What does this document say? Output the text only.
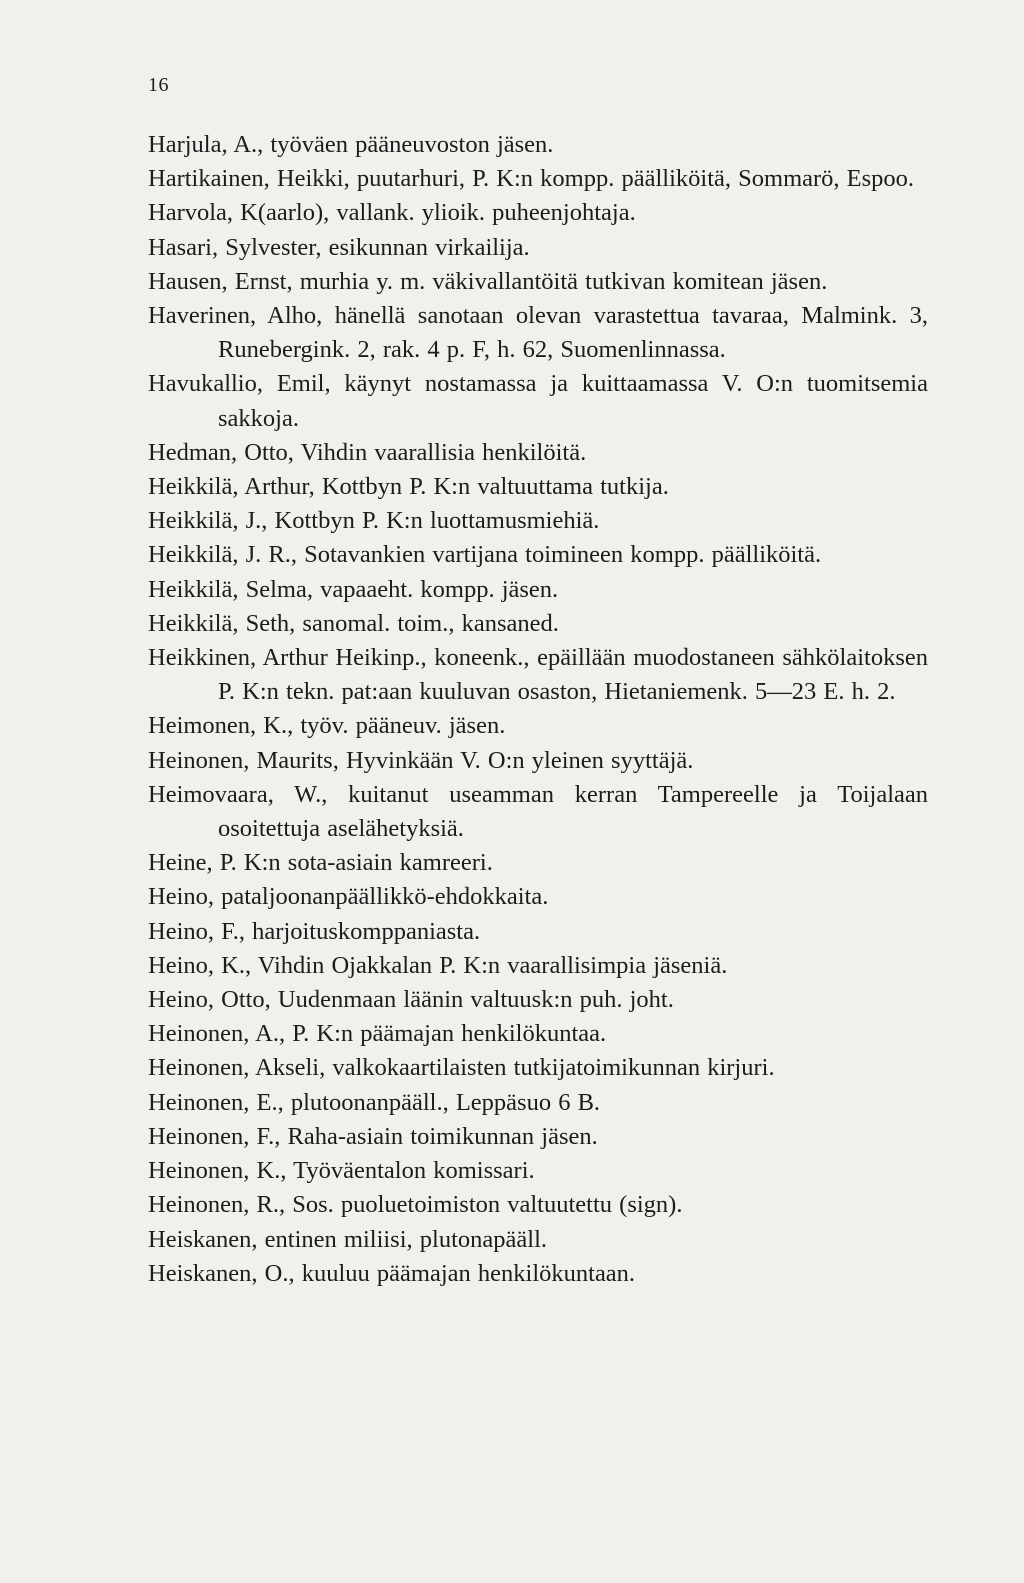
16
Harjula, A., työväen pääneuvoston jäsen.
Hartikainen, Heikki, puutarhuri, P. K:n kompp. päälliköitä, Sommarö, Espoo.
Harvola, K(aarlo), vallank. ylioik. puheenjohtaja.
Hasari, Sylvester, esikunnan virkailija.
Hausen, Ernst, murhia y. m. väkivallantöitä tutkivan komitean jäsen.
Haverinen, Alho, hänellä sanotaan olevan varastettua tavaraa, Malmink. 3, Runebergink. 2, rak. 4 p. F, h. 62, Suomenlinnassa.
Havukallio, Emil, käynyt nostamassa ja kuittaamassa V. O:n tuomitsemia sakkoja.
Hedman, Otto, Vihdin vaarallisia henkilöitä.
Heikkilä, Arthur, Kottbyn P. K:n valtuuttama tutkija.
Heikkilä, J., Kottbyn P. K:n luottamusmiehiä.
Heikkilä, J. R., Sotavankien vartijana toimineen kompp. päälliköitä.
Heikkilä, Selma, vapaaeht. kompp. jäsen.
Heikkilä, Seth, sanomal. toim., kansaned.
Heikkinen, Arthur Heikinp., koneenk., epäillään muodostaneen sähkölaitoksen P. K:n tekn. pat:aan kuuluvan osaston, Hietaniemenk. 5—23 E. h. 2.
Heimonen, K., työv. pääneuv. jäsen.
Heinonen, Maurits, Hyvinkään V. O:n yleinen syyttäjä.
Heimovaara, W., kuitanut useamman kerran Tampereelle ja Toijalaan osoitettuja aselähetyksiä.
Heine, P. K:n sota-asiain kamreeri.
Heino, pataljoonanpäällikkö-ehdokkaita.
Heino, F., harjoituskomppaniasta.
Heino, K., Vihdin Ojakkalan P. K:n vaarallisimpia jäseniä.
Heino, Otto, Uudenmaan läänin valtuusk:n puh. joht.
Heinonen, A., P. K:n päämajan henkilökuntaa.
Heinonen, Akseli, valkokaartilaisten tutkijatoimikunnan kirjuri.
Heinonen, E., plutoonanpääll., Leppäsuo 6 B.
Heinonen, F., Raha-asiain toimikunnan jäsen.
Heinonen, K., Työväentalon komissari.
Heinonen, R., Sos. puoluetoimiston valtuutettu (sign).
Heiskanen, entinen miliisi, plutonapääll.
Heiskanen, O., kuuluu päämajan henkilökuntaan.
